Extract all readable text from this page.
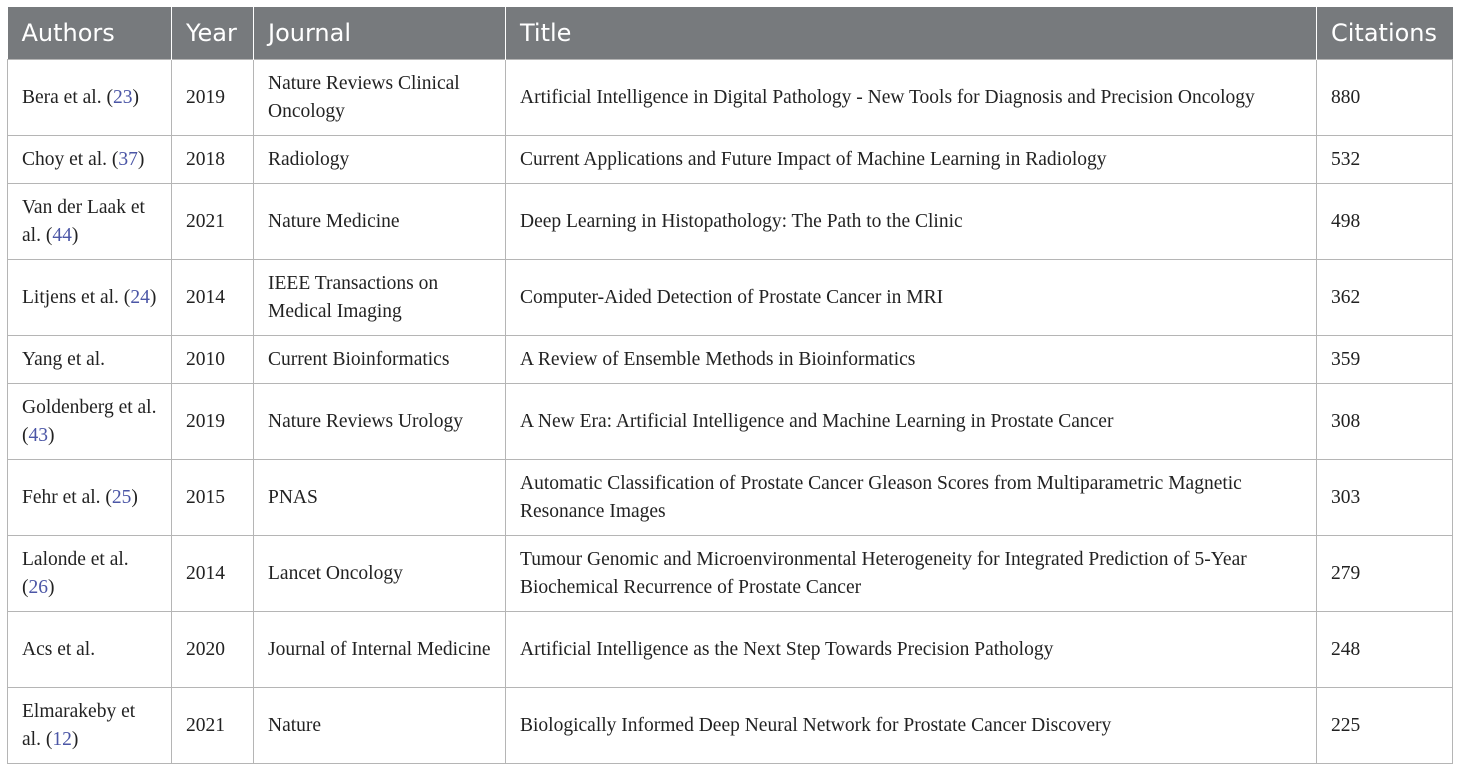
Authors	Year	Journal	Title	Citations
Bera et al. (23)	2019	Nature Reviews Clinical Oncology	Artificial Intelligence in Digital Pathology - New Tools for Diagnosis and Precision Oncology	880
Choy et al. (37)	2018	Radiology	Current Applications and Future Impact of Machine Learning in Radiology	532
Van der Laak et al. (44)	2021	Nature Medicine	Deep Learning in Histopathology: The Path to the Clinic	498
Litjens et al. (24)	2014	IEEE Transactions on Medical Imaging	Computer-Aided Detection of Prostate Cancer in MRI	362
Yang et al.	2010	Current Bioinformatics	A Review of Ensemble Methods in Bioinformatics	359
Goldenberg et al. (43)	2019	Nature Reviews Urology	A New Era: Artificial Intelligence and Machine Learning in Prostate Cancer	308
Fehr et al. (25)	2015	PNAS	Automatic Classification of Prostate Cancer Gleason Scores from Multiparametric Magnetic Resonance Images	303
Lalonde et al. (26)	2014	Lancet Oncology	Tumour Genomic and Microenvironmental Heterogeneity for Integrated Prediction of 5-Year Biochemical Recurrence of Prostate Cancer	279
Acs et al.	2020	Journal of Internal Medicine	Artificial Intelligence as the Next Step Towards Precision Pathology	248
Elmarakeby et al. (12)	2021	Nature	Biologically Informed Deep Neural Network for Prostate Cancer Discovery	225
